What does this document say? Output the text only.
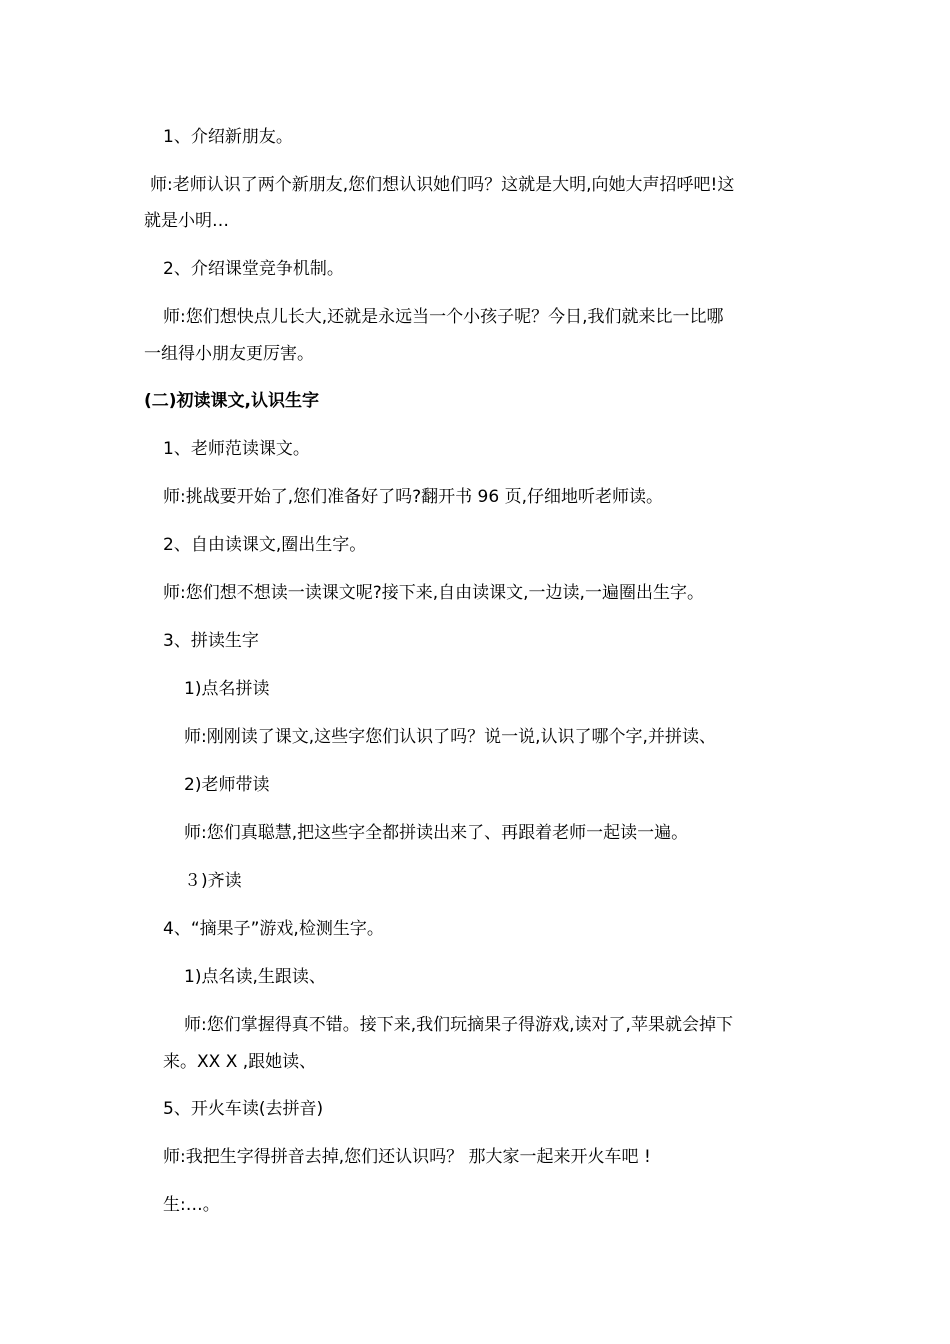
1、介绍新朋友。
师:老师认识了两个新朋友,您们想认识她们吗？这就是大明,向她大声招呼吧!这
就是小明…
2、介绍课堂竞争机制。
师:您们想快点儿长大,还就是永远当一个小孩子呢？今日,我们就来比一比哪
一组得小朋友更厉害。
(二)初读课文,认识生字
1、老师范读课文。
师:挑战要开始了,您们准备好了吗?翻开书 96 页,仔细地听老师读。
2、自由读课文,圈出生字。
师:您们想不想读一读课文呢?接下来,自由读课文,一边读,一遍圈出生字。
3、拼读生字
1)点名拼读
师:刚刚读了课文,这些字您们认识了吗？说一说,认识了哪个字,并拼读、
2)老师带读
师:您们真聪慧,把这些字全都拼读出来了、再跟着老师一起读一遍。
３)齐读
4、“摘果子”游戏,检测生字。
1)点名读,生跟读、
师:您们掌握得真不错。接下来,我们玩摘果子得游戏,读对了,苹果就会掉下
来。XX X ,跟她读、
5、开火车读(去拼音)
师:我把生字得拼音去掉,您们还认识吗？ 那大家一起来开火车吧 !
生:…。
